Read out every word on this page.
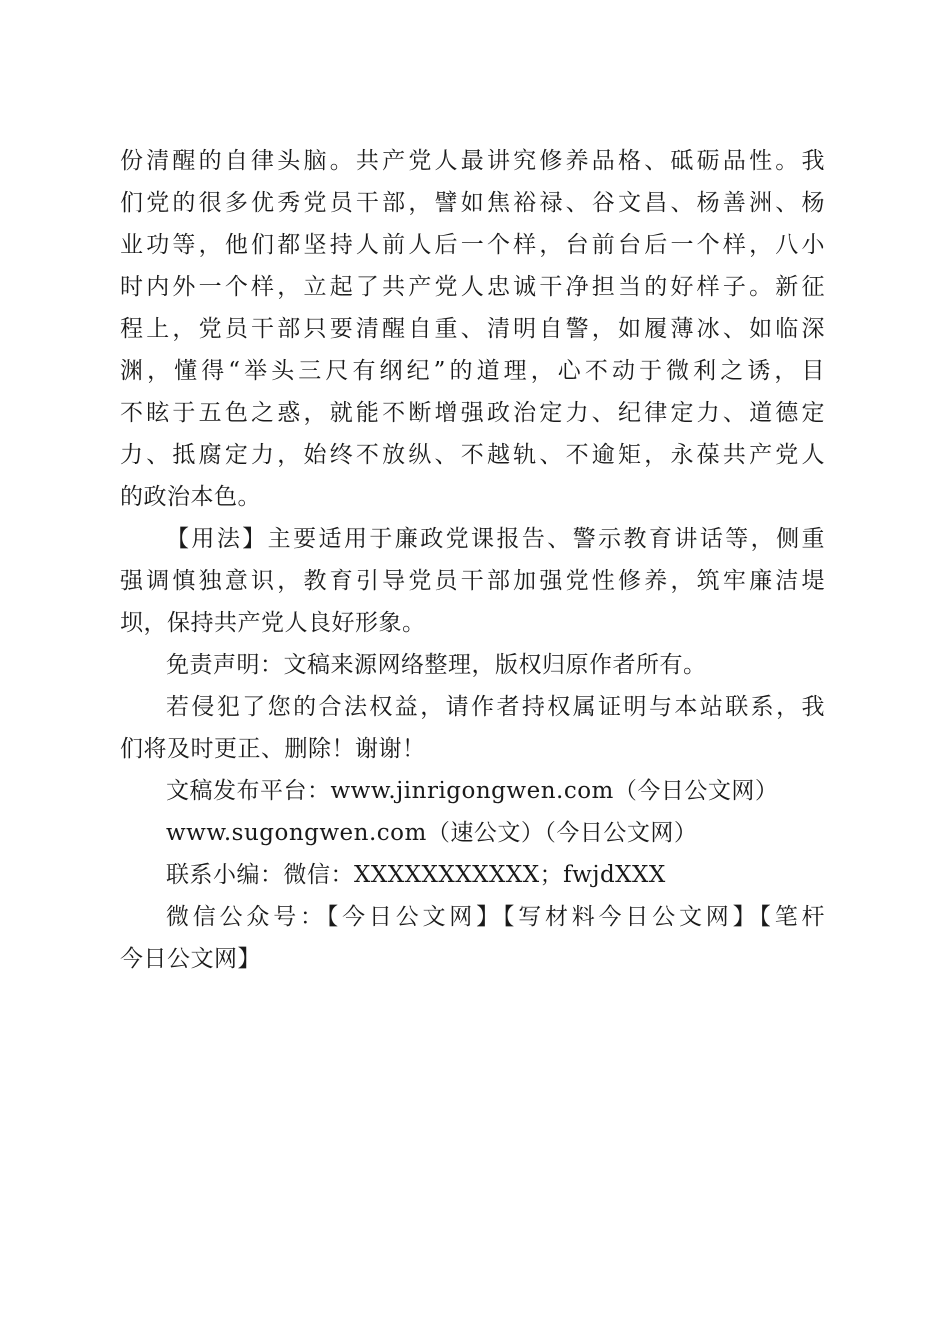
份清醒的自律头脑。共产党人最讲究修养品格、砥砺品性。我
们党的很多优秀党员干部，譬如焦裕禄、谷文昌、杨善洲、杨
业功等，他们都坚持人前人后一个样，台前台后一个样，八小
时内外一个样，立起了共产党人忠诚干净担当的好样子。新征
程上，党员干部只要清醒自重、清明自警，如履薄冰、如临深
渊，懂得“举头三尺有纲纪”的道理，心不动于微利之诱，目
不眩于五色之惑，就能不断增强政治定力、纪律定力、道德定
力、抵腐定力，始终不放纵、不越轨、不逾矩，永葆共产党人
的政治本色。
【用法】主要适用于廉政党课报告、警示教育讲话等，侧重
强调慎独意识，教育引导党员干部加强党性修养，筑牢廉洁堤
坝，保持共产党人良好形象。
免责声明：文稿来源网络整理，版权归原作者所有。
若侵犯了您的合法权益，请作者持权属证明与本站联系，我
们将及时更正、删除！谢谢！
文稿发布平台：www.jinrigongwen.com（今日公文网）
www.sugongwen.com（速公文）（今日公文网）
联系小编：微信：XXXXXXXXXXX；fwjdXXX
微信公众号：【今日公文网】【写材料今日公文网】【笔杆
今日公文网】
